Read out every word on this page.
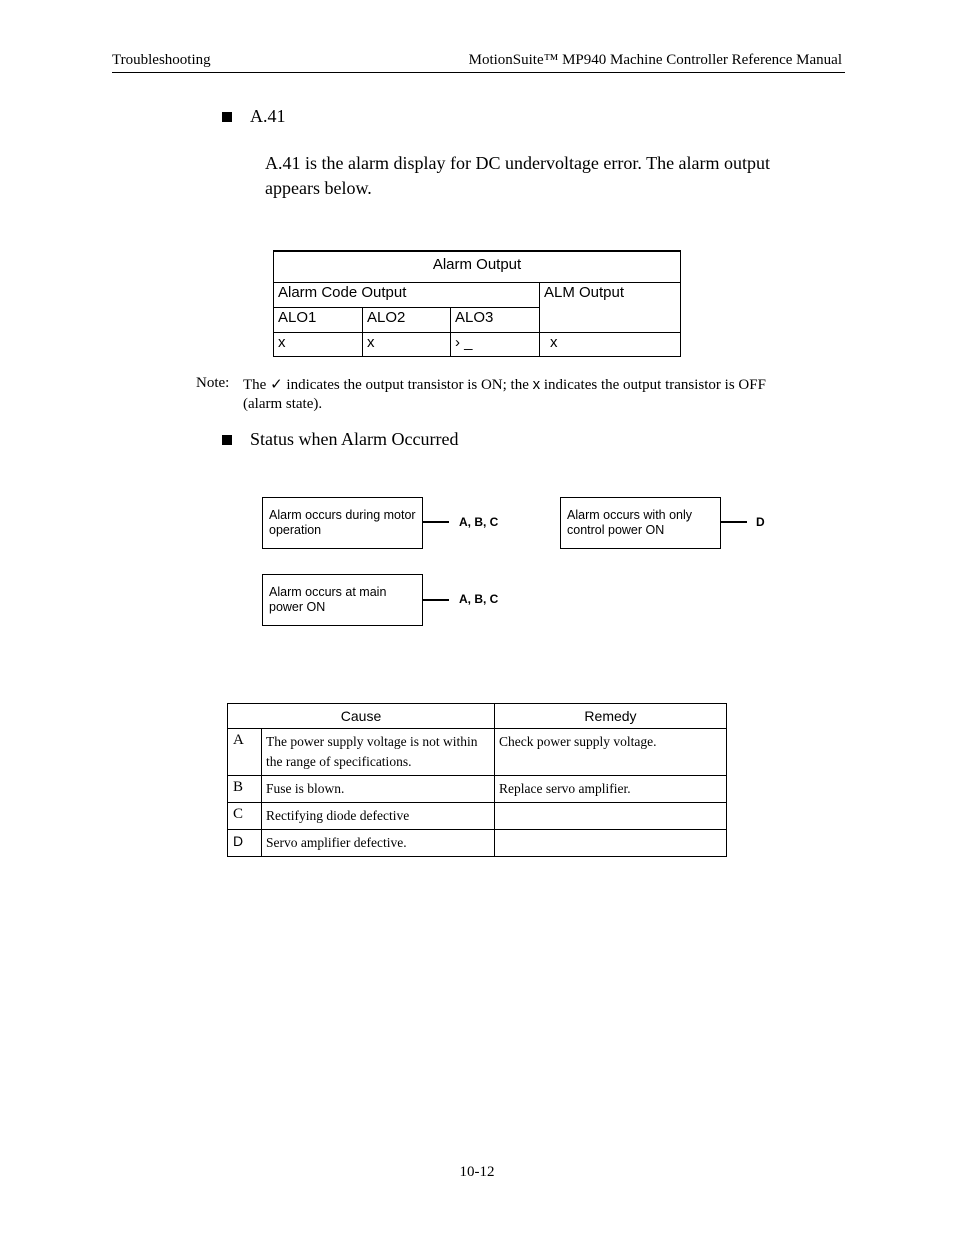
Troubleshooting	MotionSuite™ MP940 Machine Controller Reference Manual
A.41
A.41 is the alarm display for DC undervoltage error. The alarm output appears below.
Alarm Output
Alarm Code Output	ALM Output
ALO1	ALO2	ALO3
x	x	› _	x
Note: The ✓ indicates the output transistor is ON; the x indicates the output transistor is OFF (alarm state).
Status when Alarm Occurred
Alarm occurs during motor operation
A, B, C	Alarm occurs with only control power ON
D
Alarm occurs at main power ON
A, B, C
Cause		Remedy
A	The power supply voltage is not within the range of specifications.	Check power supply voltage.
B	Fuse is blown.	Replace servo amplifier.
C	Rectifying diode defective	
D	Servo amplifier defective.	
10-12
